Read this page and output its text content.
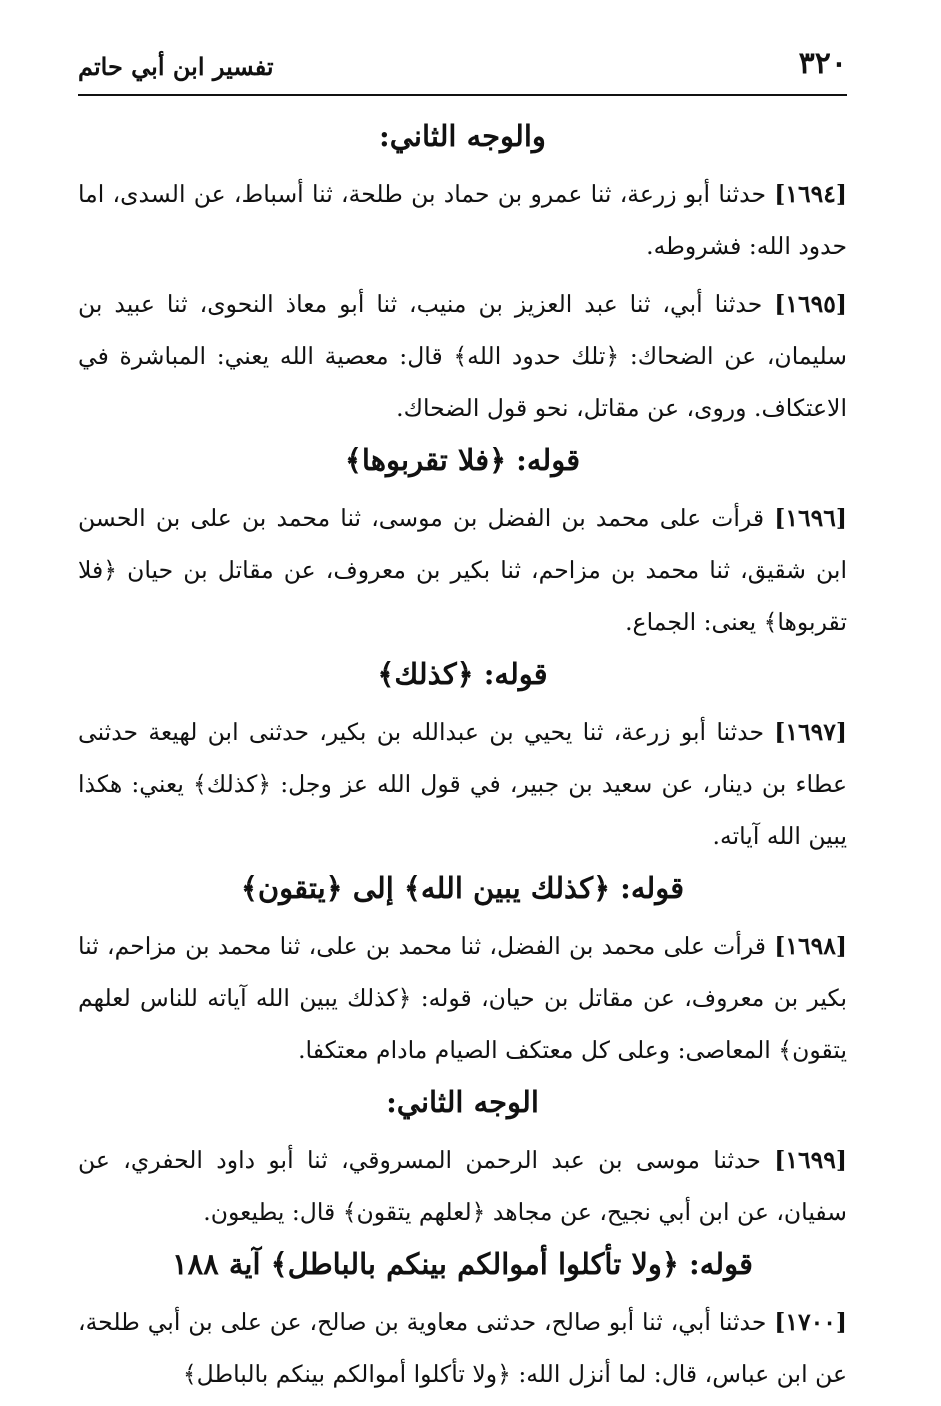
٣٢٠
تفسير ابن أبي حاتم
والوجه الثاني:

[١٦٩٤] حدثنا أبو زرعة، ثنا عمرو بن حماد بن طلحة، ثنا أسباط، عن السدى، اما حدود الله: فشروطه.

[١٦٩٥] حدثنا أبي، ثنا عبد العزيز بن منيب، ثنا أبو معاذ النحوى، ثنا عبيد بن سليمان، عن الضحاك: ﴿تلك حدود الله﴾ قال: معصية الله يعني: المباشرة في الاعتكاف. وروى، عن مقاتل، نحو قول الضحاك.

قوله: ﴿فلا تقربوها﴾

[١٦٩٦] قرأت على محمد بن الفضل بن موسى، ثنا محمد بن على بن الحسن ابن شقيق، ثنا محمد بن مزاحم، ثنا بكير بن معروف، عن مقاتل بن حيان ﴿فلا تقربوها﴾ يعنى: الجماع.

قوله: ﴿كذلك﴾

[١٦٩٧] حدثنا أبو زرعة، ثنا يحيي بن عبدالله بن بكير، حدثنى ابن لهيعة حدثنى عطاء بن دينار، عن سعيد بن جبير، في قول الله عز وجل: ﴿كذلك﴾ يعني: هكذا يبين الله آياته.

قوله: ﴿كذلك يبين الله﴾ إلى ﴿يتقون﴾

[١٦٩٨] قرأت على محمد بن الفضل، ثنا محمد بن على، ثنا محمد بن مزاحم، ثنا بكير بن معروف، عن مقاتل بن حيان، قوله: ﴿كذلك يبين الله آياته للناس لعلهم يتقون﴾ المعاصى: وعلى كل معتكف الصيام مادام معتكفا.

الوجه الثاني:

[١٦٩٩] حدثنا موسى بن عبد الرحمن المسروقي، ثنا أبو داود الحفري، عن سفيان، عن ابن أبي نجيح، عن مجاهد ﴿لعلهم يتقون﴾ قال: يطيعون.

قوله: ﴿ولا تأكلوا أموالكم بينكم بالباطل﴾ آية ١٨٨

[١٧٠٠] حدثنا أبي، ثنا أبو صالح، حدثنى معاوية بن صالح، عن على بن أبي طلحة، عن ابن عباس، قال: لما أنزل الله: ﴿ولا تأكلوا أموالكم بينكم بالباطل﴾
